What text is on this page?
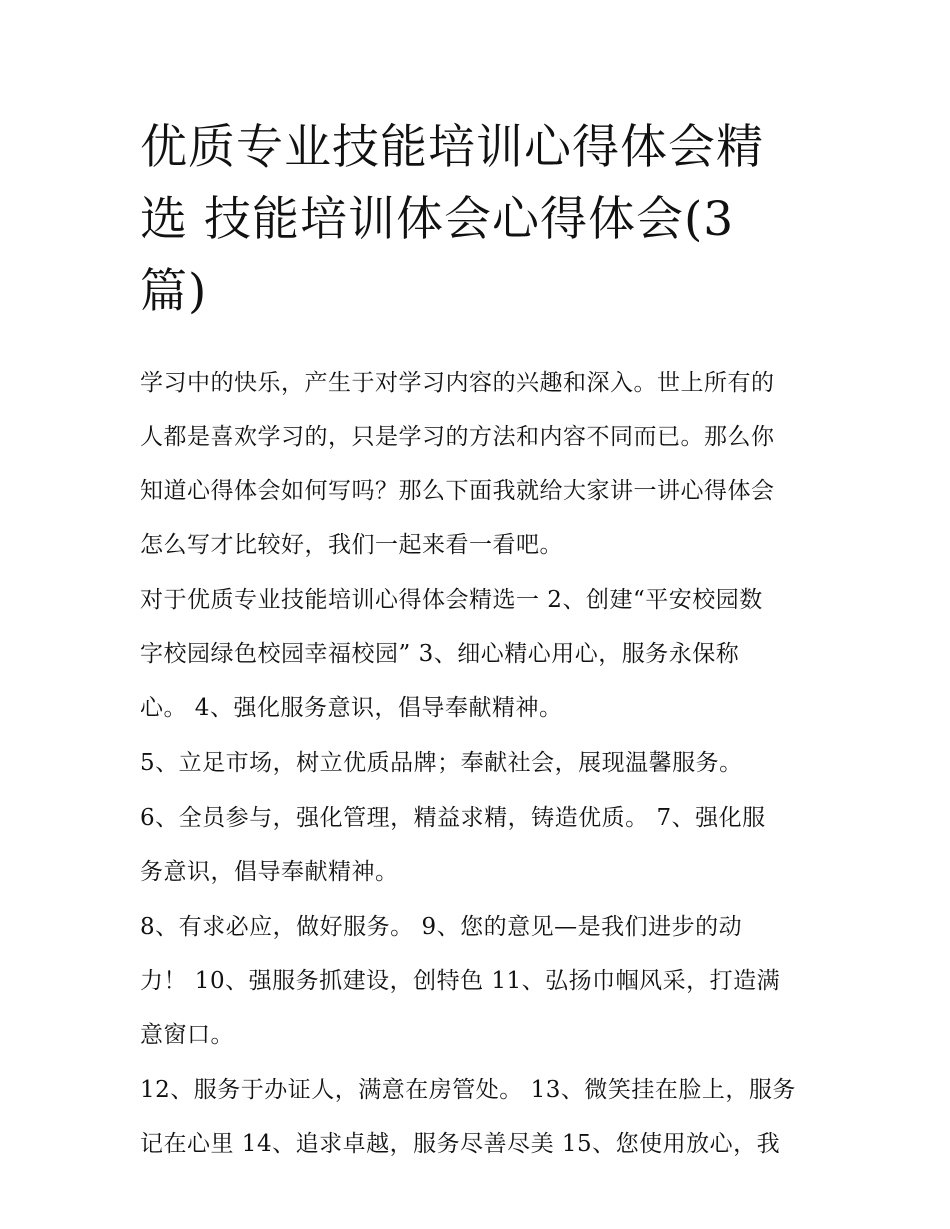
优质专业技能培训心得体会精
选 技能培训体会心得体会(3
篇)

学习中的快乐，产生于对学习内容的兴趣和深入。世上所有的
人都是喜欢学习的，只是学习的方法和内容不同而已。那么你
知道心得体会如何写吗？那么下面我就给大家讲一讲心得体会
怎么写才比较好，我们一起来看一看吧。

对于优质专业技能培训心得体会精选一 2、创建“平安校园数
字校园绿色校园幸福校园” 3、细心精心用心，服务永保称
心。 4、强化服务意识，倡导奉献精神。

5、立足市场，树立优质品牌；奉献社会，展现温馨服务。

6、全员参与，强化管理，精益求精，铸造优质。 7、强化服
务意识，倡导奉献精神。

8、有求必应，做好服务。 9、您的意见—是我们进步的动
力！ 10、强服务抓建设，创特色 11、弘扬巾帼风采，打造满
意窗口。

12、服务于办证人，满意在房管处。 13、微笑挂在脸上，服务
记在心里 14、追求卓越，服务尽善尽美 15、您使用放心，我
